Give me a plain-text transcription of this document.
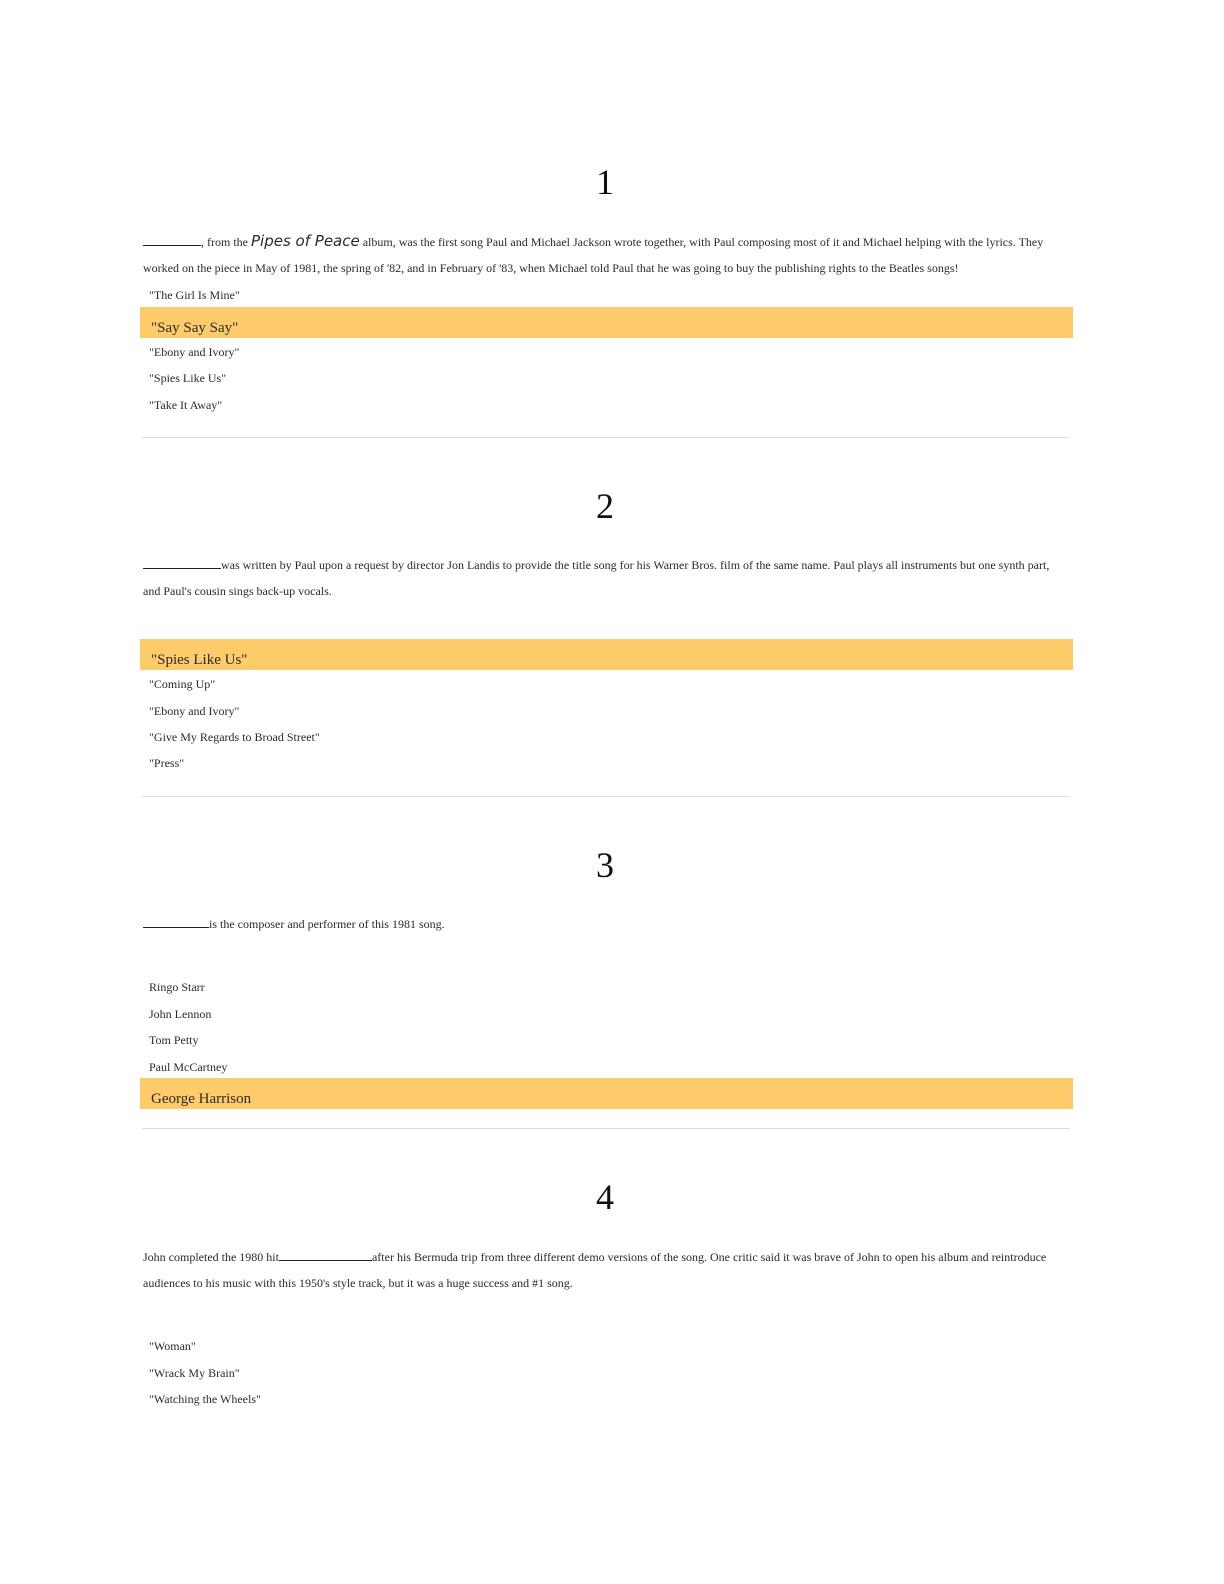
1
, from the Pipes of Peace album, was the first song Paul and Michael Jackson wrote together, with Paul composing most of it and Michael helping with the lyrics. They worked on the piece in May of 1981, the spring of '82, and in February of '83, when Michael told Paul that he was going to buy the publishing rights to the Beatles songs!
"The Girl Is Mine"
"Say Say Say"
"Ebony and Ivory"
"Spies Like Us"
"Take It Away"
2
was written by Paul upon a request by director Jon Landis to provide the title song for his Warner Bros. film of the same name. Paul plays all instruments but one synth part, and Paul's cousin sings back-up vocals.
"Spies Like Us"
"Coming Up"
"Ebony and Ivory"
"Give My Regards to Broad Street"
"Press"
3
is the composer and performer of this 1981 song.
Ringo Starr
John Lennon
Tom Petty
Paul McCartney
George Harrison
4
John completed the 1980 hit	after his Bermuda trip from three different demo versions of the song. One critic said it was brave of John to open his album and reintroduce audiences to his music with this 1950's style track, but it was a huge success and #1 song.
"Woman"
"Wrack My Brain"
"Watching the Wheels"
